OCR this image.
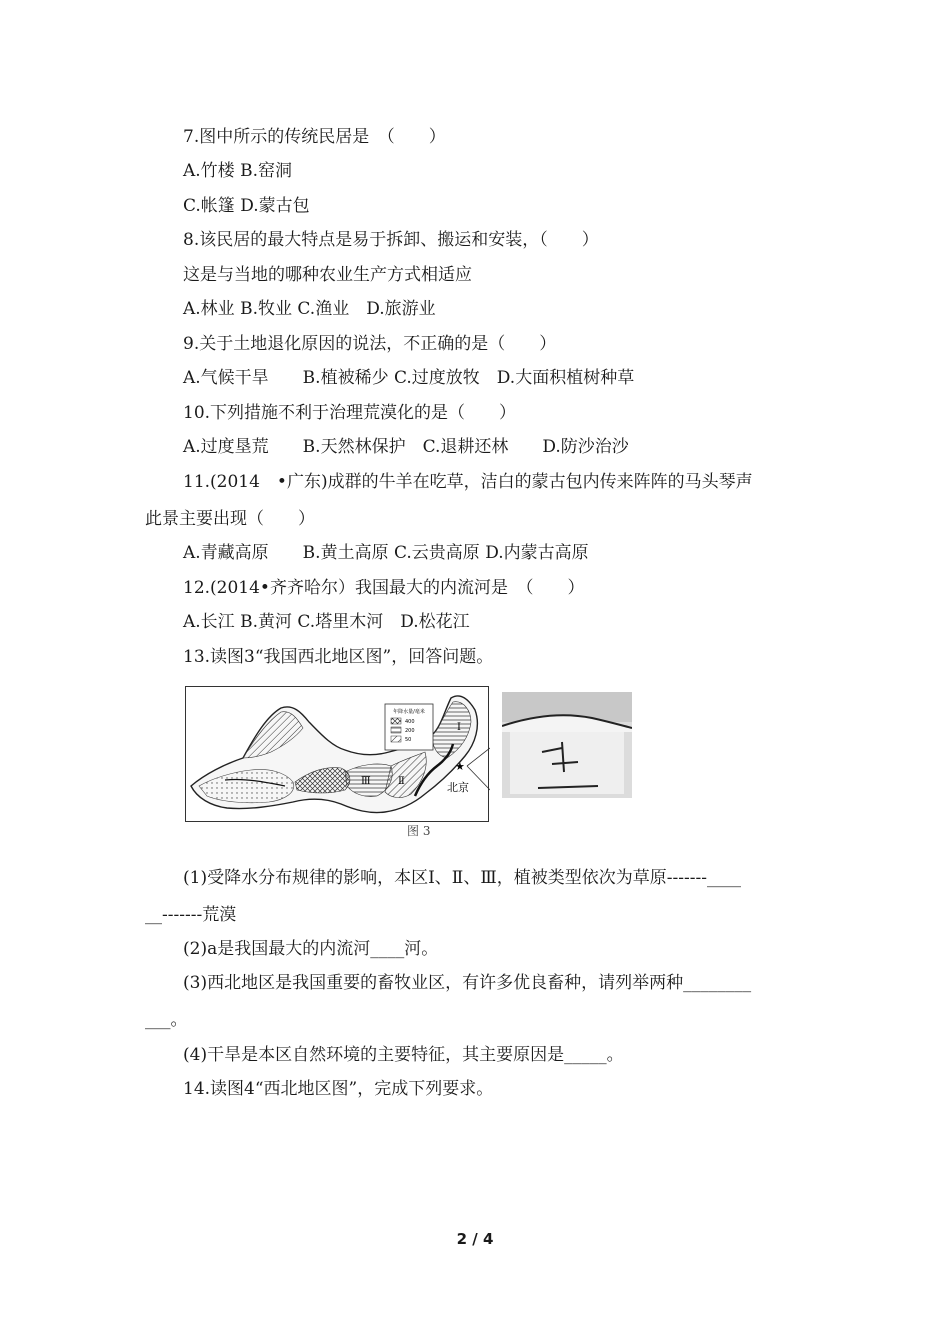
7.图中所示的传统民居是　（　　）
A.竹楼 B.窑洞
C.帐篷 D.蒙古包
8.该民居的最大特点是易于拆卸、搬运和安装，（　　）
这是与当地的哪种农业生产方式相适应
A.林业 B.牧业 C.渔业　D.旅游业
9.关于土地退化原因的说法，不正确的是（　　）
A.气候干旱　　B.植被稀少 C.过度放牧　D.大面积植树种草
10.下列措施不利于治理荒漠化的是（　　）
A.过度垦荒　　B.天然林保护　C.退耕还林　　D.防沙治沙
11.(2014　•广东)成群的牛羊在吃草，洁白的蒙古包内传来阵阵的马头琴声
此景主要出现（　　）
A.青藏高原　　B.黄土高原 C.云贵高原 D.内蒙古高原
12.(2014•齐齐哈尔）我国最大的内流河是　（　　）
A.长江 B.黄河 C.塔里木河　D.松花江
13.读图3“我国西北地区图”，回答问题。
年降水量/毫米
400
200
50
Ⅰ
Ⅱ
Ⅲ
★
北京
图 3
(1)受降水分布规律的影响，本区Ⅰ、Ⅱ、Ⅲ，植被类型依次为草原-------____
__-------荒漠
(2)a是我国最大的内流河____河。
(3)西北地区是我国重要的畜牧业区，有许多优良畜种，请列举两种________
___。
(4)干旱是本区自然环境的主要特征，其主要原因是_____。
14.读图4“西北地区图”，完成下列要求。
2 / 4
